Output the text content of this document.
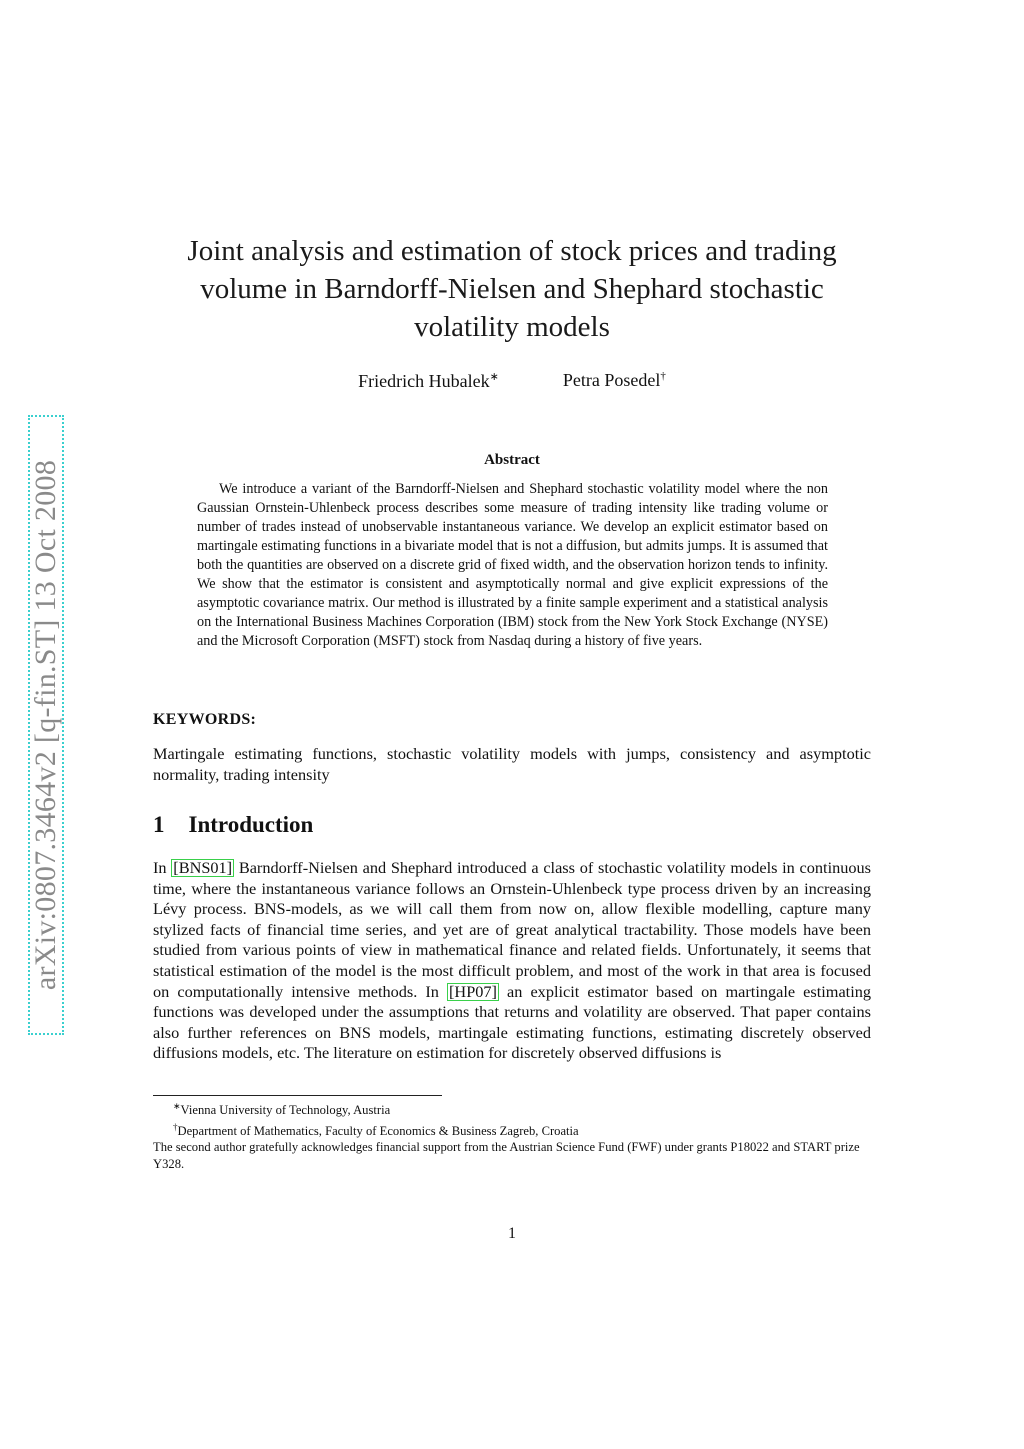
arXiv:0807.3464v2 [q-fin.ST] 13 Oct 2008
Joint analysis and estimation of stock prices and trading
volume in Barndorff-Nielsen and Shephard stochastic
volatility models
Friedrich Hubalek∗	Petra Posedel†
Abstract
We introduce a variant of the Barndorff-Nielsen and Shephard stochastic volatility model where the non Gaussian Ornstein-Uhlenbeck process describes some measure of trading intensity like trading volume or number of trades instead of unobservable instantaneous variance. We develop an explicit estimator based on martingale estimating functions in a bivariate model that is not a diffusion, but admits jumps. It is assumed that both the quantities are observed on a discrete grid of fixed width, and the observation horizon tends to infinity. We show that the estimator is consistent and asymptotically normal and give explicit expressions of the asymptotic covariance matrix. Our method is illustrated by a finite sample experiment and a statistical analysis on the International Business Machines Corporation (IBM) stock from the New York Stock Exchange (NYSE) and the Microsoft Corporation (MSFT) stock from Nasdaq during a history of five years.
KEYWORDS:
Martingale estimating functions, stochastic volatility models with jumps, consistency and asymptotic normality, trading intensity
1 Introduction
In [BNS01] Barndorff-Nielsen and Shephard introduced a class of stochastic volatility models in continuous time, where the instantaneous variance follows an Ornstein-Uhlenbeck type process driven by an increasing Lévy process. BNS-models, as we will call them from now on, allow flexible modelling, capture many stylized facts of financial time series, and yet are of great analytical tractability. Those models have been studied from various points of view in mathematical finance and related fields. Unfortunately, it seems that statistical estimation of the model is the most difficult problem, and most of the work in that area is focused on computationally intensive methods. In [HP07] an explicit estimator based on martingale estimating functions was developed under the assumptions that returns and volatility are observed. That paper contains also further references on BNS models, martingale estimating functions, estimating discretely observed diffusions models, etc. The literature on estimation for discretely observed diffusions is
∗Vienna University of Technology, Austria
†Department of Mathematics, Faculty of Economics & Business Zagreb, Croatia
The second author gratefully acknowledges financial support from the Austrian Science Fund (FWF) under grants P18022 and START prize Y328.
1
